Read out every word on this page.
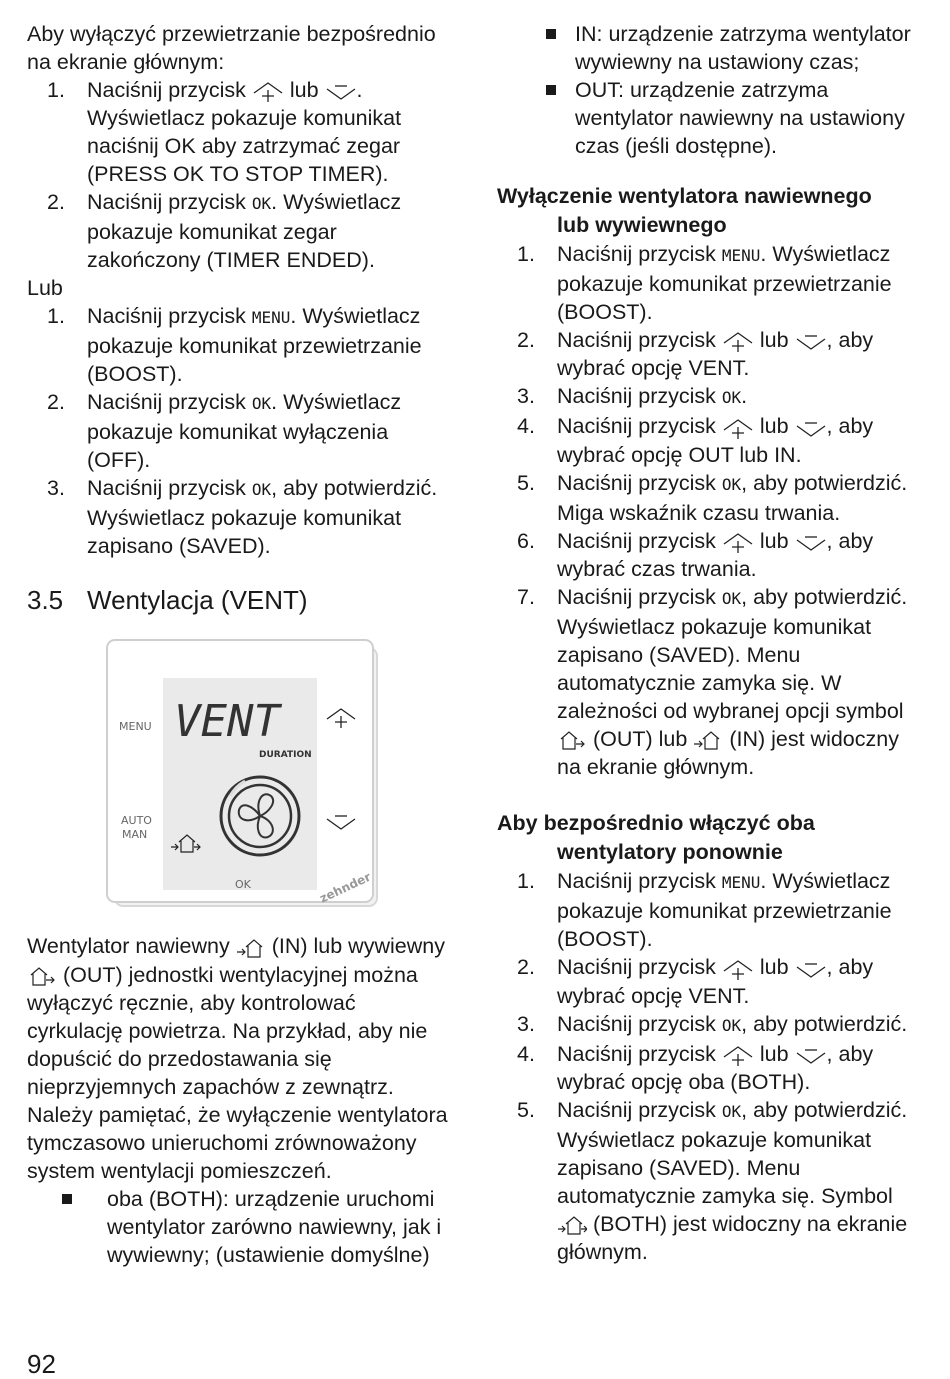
Aby wyłączyć przewietrzanie bezpośrednio na ekranie głównym:

1. Naciśnij przycisk lub . Wyświetlacz pokazuje komunikat naciśnij OK aby zatrzymać zegar (PRESS OK TO STOP TIMER).
2. Naciśnij przycisk OK. Wyświetlacz pokazuje komunikat zegar zakończony (TIMER ENDED).

Lub

1. Naciśnij przycisk MENU. Wyświetlacz pokazuje komunikat przewietrzanie (BOOST).
2. Naciśnij przycisk OK. Wyświetlacz pokazuje komunikat wyłączenia (OFF).
3. Naciśnij przycisk OK, aby potwierdzić. Wyświetlacz pokazuje komunikat zapisano (SAVED).
3.5 Wentylacja (VENT)
MENU
AUTO
MAN
VENT
DURATION
OK	zehnder

Wentylator nawiewny (IN) lub wywiewny  (OUT) jednostki wentylacyjnej można wyłączyć ręcznie, aby kontrolować cyrkulację powietrza. Na przykład, aby nie dopuścić do przedostawania się nieprzyjemnych zapachów z zewnątrz. Należy pamiętać, że wyłączenie wentylatora tymczasowo unieruchomi zrównoważony system wentylacji pomieszczeń.

oba (BOTH): urządzenie uruchomi wentylator zarówno nawiewny, jak i wywiewny; (ustawienie domyślne)
IN: urządzenie zatrzyma wentylator wywiewny na ustawiony czas;
OUT: urządzenie zatrzyma wentylator nawiewny na ustawiony czas (jeśli dostępne).
Wyłączenie wentylatora nawiewnego
lub wywiewnego
1. Naciśnij przycisk MENU. Wyświetlacz pokazuje komunikat przewietrzanie (BOOST).
2. Naciśnij przycisk lub , aby wybrać opcję VENT.
3. Naciśnij przycisk OK.
4. Naciśnij przycisk lub , aby wybrać opcję OUT lub IN.
5. Naciśnij przycisk OK, aby potwierdzić. Miga wskaźnik czasu trwania.
6. Naciśnij przycisk lub , aby wybrać czas trwania.
7. Naciśnij przycisk OK, aby potwierdzić. Wyświetlacz pokazuje komunikat zapisano (SAVED). Menu automatycznie zamyka się. W zależności od wybranej opcji symbol  (OUT) lub (IN) jest widoczny na ekranie głównym.
Aby bezpośrednio włączyć oba
wentylatory ponownie
1. Naciśnij przycisk MENU. Wyświetlacz pokazuje komunikat przewietrzanie (BOOST).
2. Naciśnij przycisk lub , aby wybrać opcję VENT.
3. Naciśnij przycisk OK, aby potwierdzić.
4. Naciśnij przycisk lub , aby wybrać opcję oba (BOTH).
5. Naciśnij przycisk OK, aby potwierdzić. Wyświetlacz pokazuje komunikat zapisano (SAVED). Menu automatycznie zamyka się. Symbol  (BOTH) jest widoczny na ekranie głównym.
92
